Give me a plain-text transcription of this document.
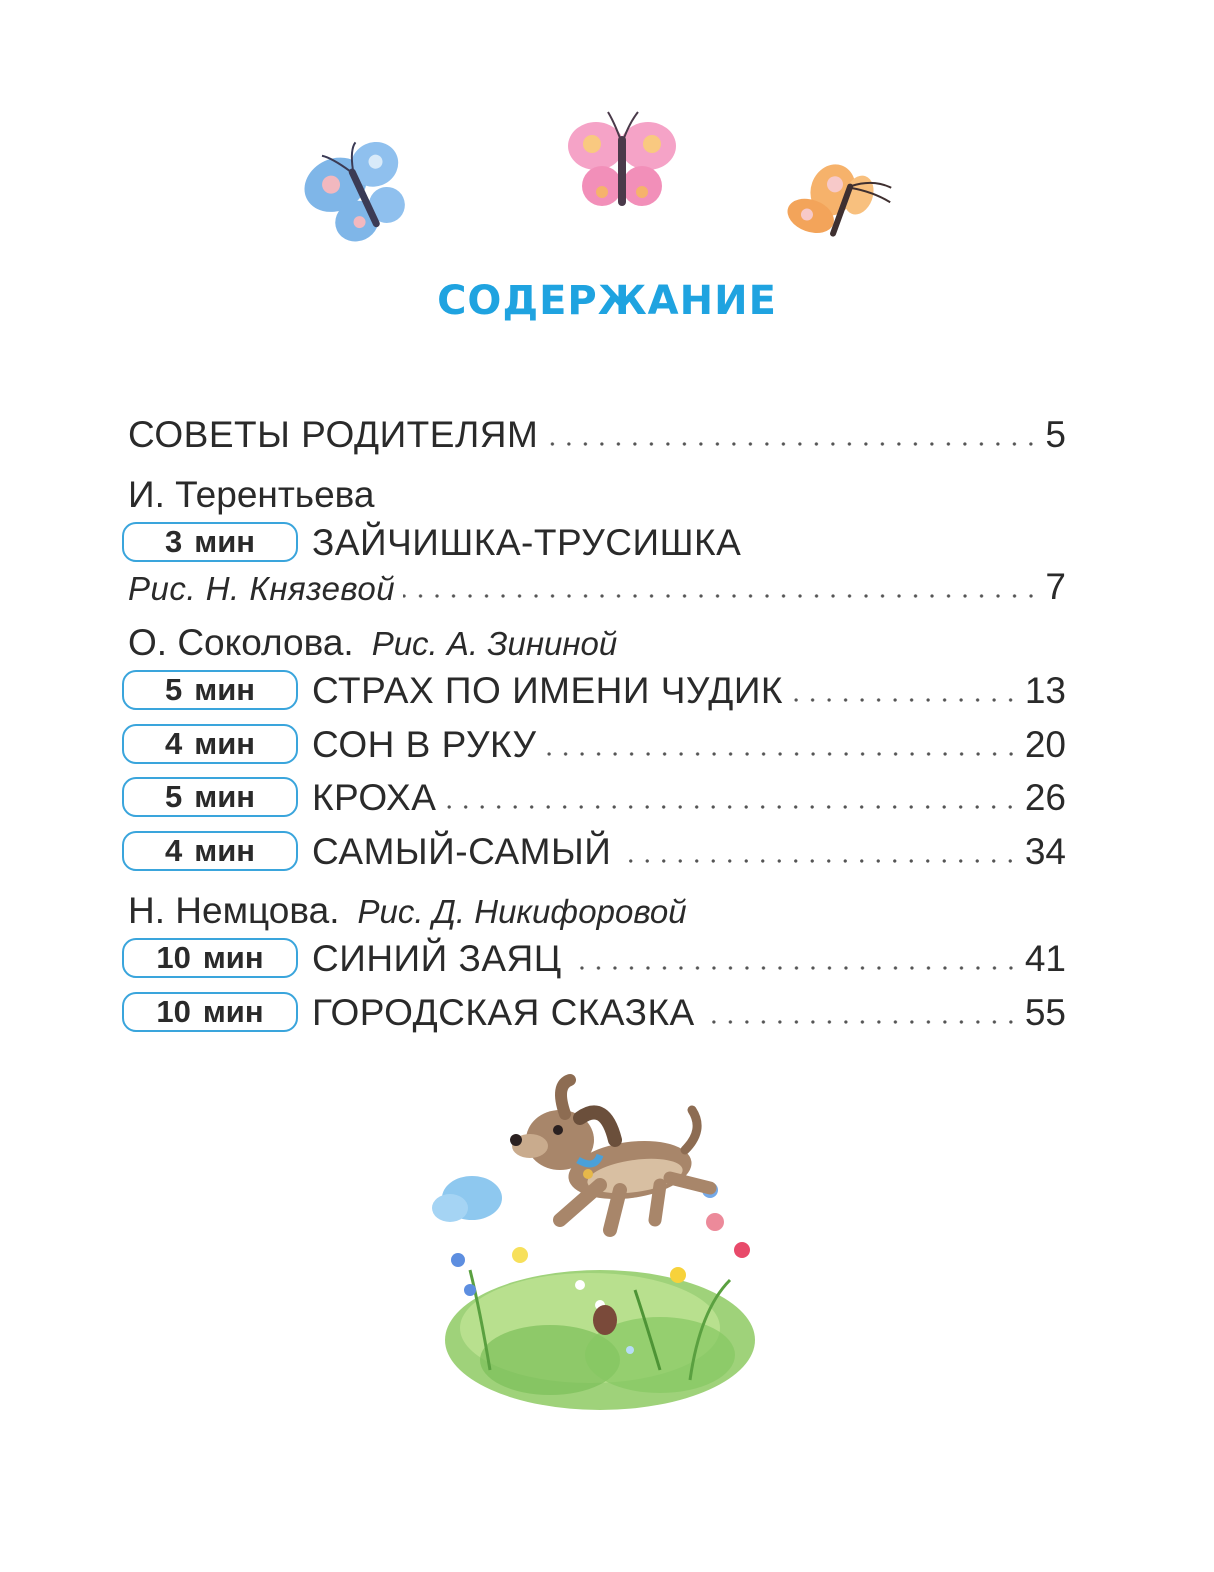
СОДЕРЖАНИЕ
СОВЕТЫ РОДИТЕЛЯМ	5
И. Терентьева
3 мин ЗАЙЧИШКА-ТРУСИШКА
Рис. Н. Князевой	7
О. Соколова. Рис. А. Зининой
5 мин СТРАХ ПО ИМЕНИ ЧУДИК	13
4 мин СОН В РУКУ	20
5 мин КРОХА	26
4 мин САМЫЙ-САМЫЙ	34
Н. Немцова. Рис. Д. Никифоровой
10 мин СИНИЙ ЗАЯЦ	41
10 мин ГОРОДСКАЯ СКАЗКА	55
